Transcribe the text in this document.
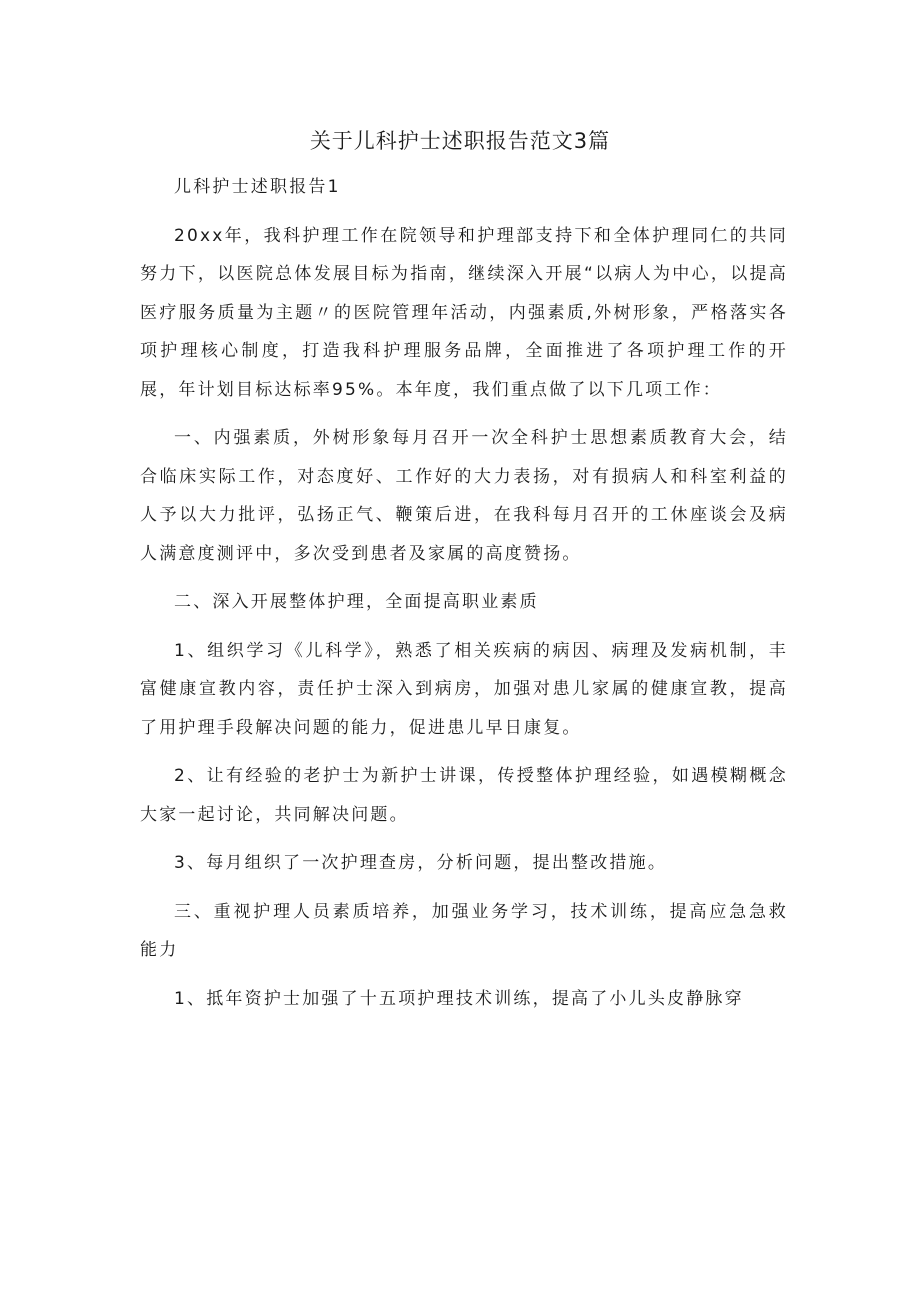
关于儿科护士述职报告范文3篇

儿科护士述职报告1

20xx年，我科护理工作在院领导和护理部支持下和全体护理同仁的共同努力下，以医院总体发展目标为指南，继续深入开展“以病人为中心，以提高医疗服务质量为主题〃的医院管理年活动，内强素质,外树形象，严格落实各项护理核心制度，打造我科护理服务品牌，全面推进了各项护理工作的开展，年计划目标达标率95%。本年度，我们重点做了以下几项工作：

一、内强素质，外树形象每月召开一次全科护士思想素质教育大会，结合临床实际工作，对态度好、工作好的大力表扬，对有损病人和科室利益的人予以大力批评，弘扬正气、鞭策后进，在我科每月召开的工休座谈会及病人满意度测评中，多次受到患者及家属的高度赞扬。

二、深入开展整体护理，全面提高职业素质

1、组织学习《儿科学》，熟悉了相关疾病的病因、病理及发病机制，丰富健康宣教内容，责任护士深入到病房，加强对患儿家属的健康宣教，提高了用护理手段解决问题的能力，促进患儿早日康复。

2、让有经验的老护士为新护士讲课，传授整体护理经验，如遇模糊概念大家一起讨论，共同解决问题。

3、每月组织了一次护理查房，分析问题，提出整改措施。

三、重视护理人员素质培养，加强业务学习，技术训练，提高应急急救能力

1、抵年资护士加强了十五项护理技术训练，提高了小儿头皮静脉穿
